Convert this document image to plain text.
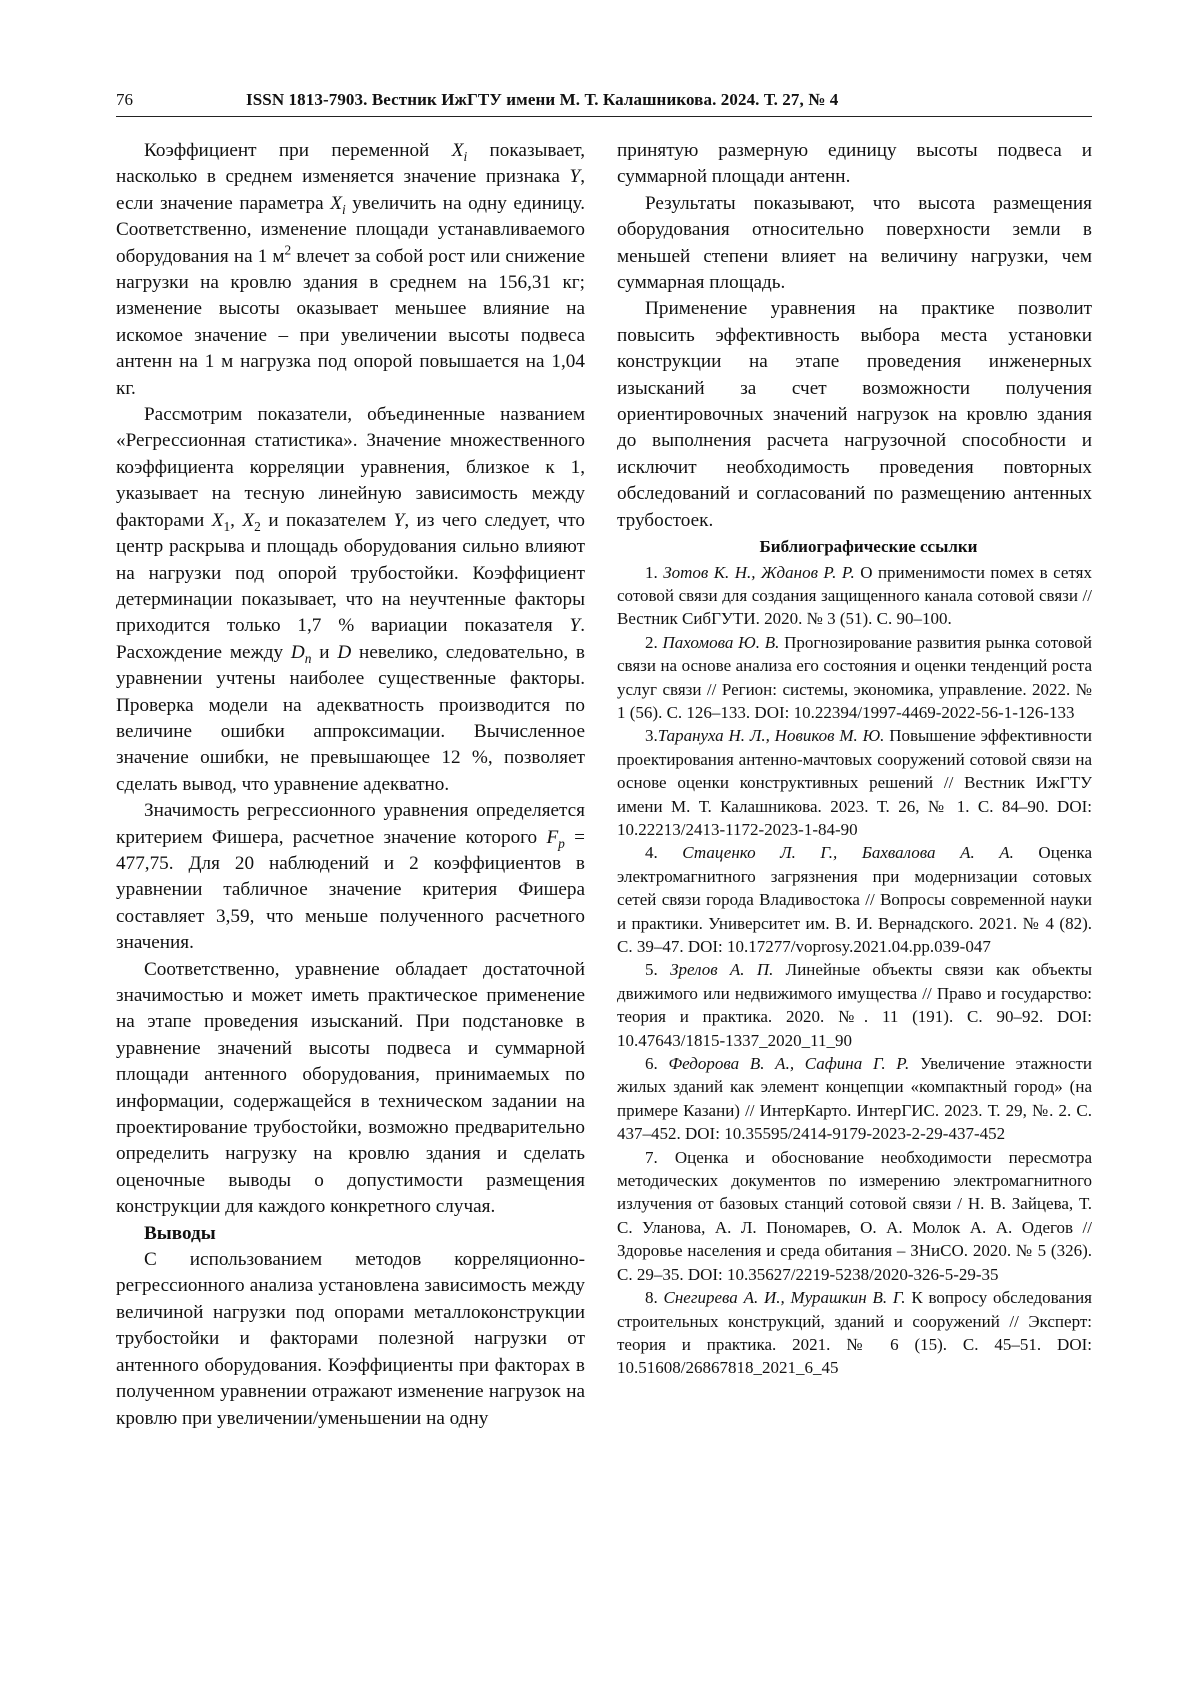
76	ISSN 1813-7903. Вестник ИжГТУ имени М. Т. Калашникова. 2024. Т. 27, № 4

Коэффициент при переменной $X_i$ показывает, насколько в среднем изменяется значение признака Y, если значение параметра $X_i$ увеличить на одну единицу. Соответственно, изменение площади устанавливаемого оборудования на 1 $м^2$ влечет за собой рост или снижение нагрузки на кровлю здания в среднем на 156,31 кг; изменение высоты оказывает меньшее влияние на искомое значение – при увеличении высоты подвеса антенн на 1 м нагрузка под опорой повышается на 1,04 кг.

Рассмотрим показатели, объединенные названием «Регрессионная статистика». Значение множественного коэффициента корреляции уравнения, близкое к 1, указывает на тесную линейную зависимость между факторами $X_1$, $X_2$ и показателем Y, из чего следует, что центр раскрыва и площадь оборудования сильно влияют на нагрузки под опорой трубостойки. Коэффициент детерминации показывает, что на неучтенные факторы приходится только 1,7 % вариации показателя Y. Расхождение между $D_n$ и D невелико, следовательно, в уравнении учтены наиболее существенные факторы. Проверка модели на адекватность производится по величине ошибки аппроксимации. Вычисленное значение ошибки, не превышающее 12 %, позволяет сделать вывод, что уравнение адекватно.

Значимость регрессионного уравнения определяется критерием Фишера, расчетное значение которого $F_p = 477,75$. Для 20 наблюдений и 2 коэффициентов в уравнении табличное значение критерия Фишера составляет 3,59, что меньше полученного расчетного значения.

Соответственно, уравнение обладает достаточной значимостью и может иметь практическое применение на этапе проведения изысканий. При подстановке в уравнение значений высоты подвеса и суммарной площади антенного оборудования, принимаемых по информации, содержащейся в техническом задании на проектирование трубостойки, возможно предварительно определить нагрузку на кровлю здания и сделать оценочные выводы о допустимости размещения конструкции для каждого конкретного случая.

Выводы

С использованием методов корреляционно-регрессионного анализа установлена зависимость между величиной нагрузки под опорами металлоконструкции трубостойки и факторами полезной нагрузки от антенного оборудования. Коэффициенты при факторах в полученном уравнении отражают изменение нагрузок на кровлю при увеличении/уменьшении на одну

принятую размерную единицу высоты подвеса и суммарной площади антенн.

Результаты показывают, что высота размещения оборудования относительно поверхности земли в меньшей степени влияет на величину нагрузки, чем суммарная площадь.

Применение уравнения на практике позволит повысить эффективность выбора места установки конструкции на этапе проведения инженерных изысканий за счет возможности получения ориентировочных значений нагрузок на кровлю здания до выполнения расчета нагрузочной способности и исключит необходимость проведения повторных обследований и согласований по размещению антенных трубостоек.

Библиографические ссылки

1. Зотов К. Н., Жданов Р. Р. О применимости помех в сетях сотовой связи для создания защищенного канала сотовой связи // Вестник СибГУТИ. 2020. № 3 (51). С. 90–100.

2. Пахомова Ю. В. Прогнозирование развития рынка сотовой связи на основе анализа его состояния и оценки тенденций роста услуг связи // Регион: системы, экономика, управление. 2022. № 1 (56). С. 126–133. DOI: 10.22394/1997-4469-2022-56-1-126-133

3.Тарануха Н. Л., Новиков М. Ю. Повышение эффективности проектирования антенно-мачтовых сооружений сотовой связи на основе оценки конструктивных решений // Вестник ИжГТУ имени М. Т. Калашникова. 2023. Т. 26, № 1. С. 84–90. DOI: 10.22213/2413-1172-2023-1-84-90

4. Стаценко Л. Г., Бахвалова А. А. Оценка электромагнитного загрязнения при модернизации сотовых сетей связи города Владивостока // Вопросы современной науки и практики. Университет им. В. И. Вернадского. 2021. № 4 (82). С. 39–47. DOI: 10.17277/voprosy.2021.04.pp.039-047

5. Зрелов А. П. Линейные объекты связи как объекты движимого или недвижимого имущества // Право и государство: теория и практика. 2020. №. 11 (191). С. 90–92. DOI: 10.47643/1815-1337_2020_11_90

6. Федорова В. А., Сафина Г. Р. Увеличение этажности жилых зданий как элемент концепции «компактный город» (на примере Казани) // ИнтерКарто. ИнтерГИС. 2023. Т. 29, №. 2. С. 437–452. DOI: 10.35595/2414-9179-2023-2-29-437-452

7. Оценка и обоснование необходимости пересмотра методических документов по измерению электромагнитного излучения от базовых станций сотовой связи / Н. В. Зайцева, Т. С. Уланова, А. Л. Пономарев, О. А. Молок А. А. Одегов // Здоровье населения и среда обитания – ЗНиСО. 2020. № 5 (326). С. 29–35. DOI: 10.35627/2219-5238/2020-326-5-29-35

8. Снегирева А. И., Мурашкин В. Г. К вопросу обследования строительных конструкций, зданий и сооружений // Эксперт: теория и практика. 2021. № 6 (15). С. 45–51. DOI: 10.51608/26867818_2021_6_45
